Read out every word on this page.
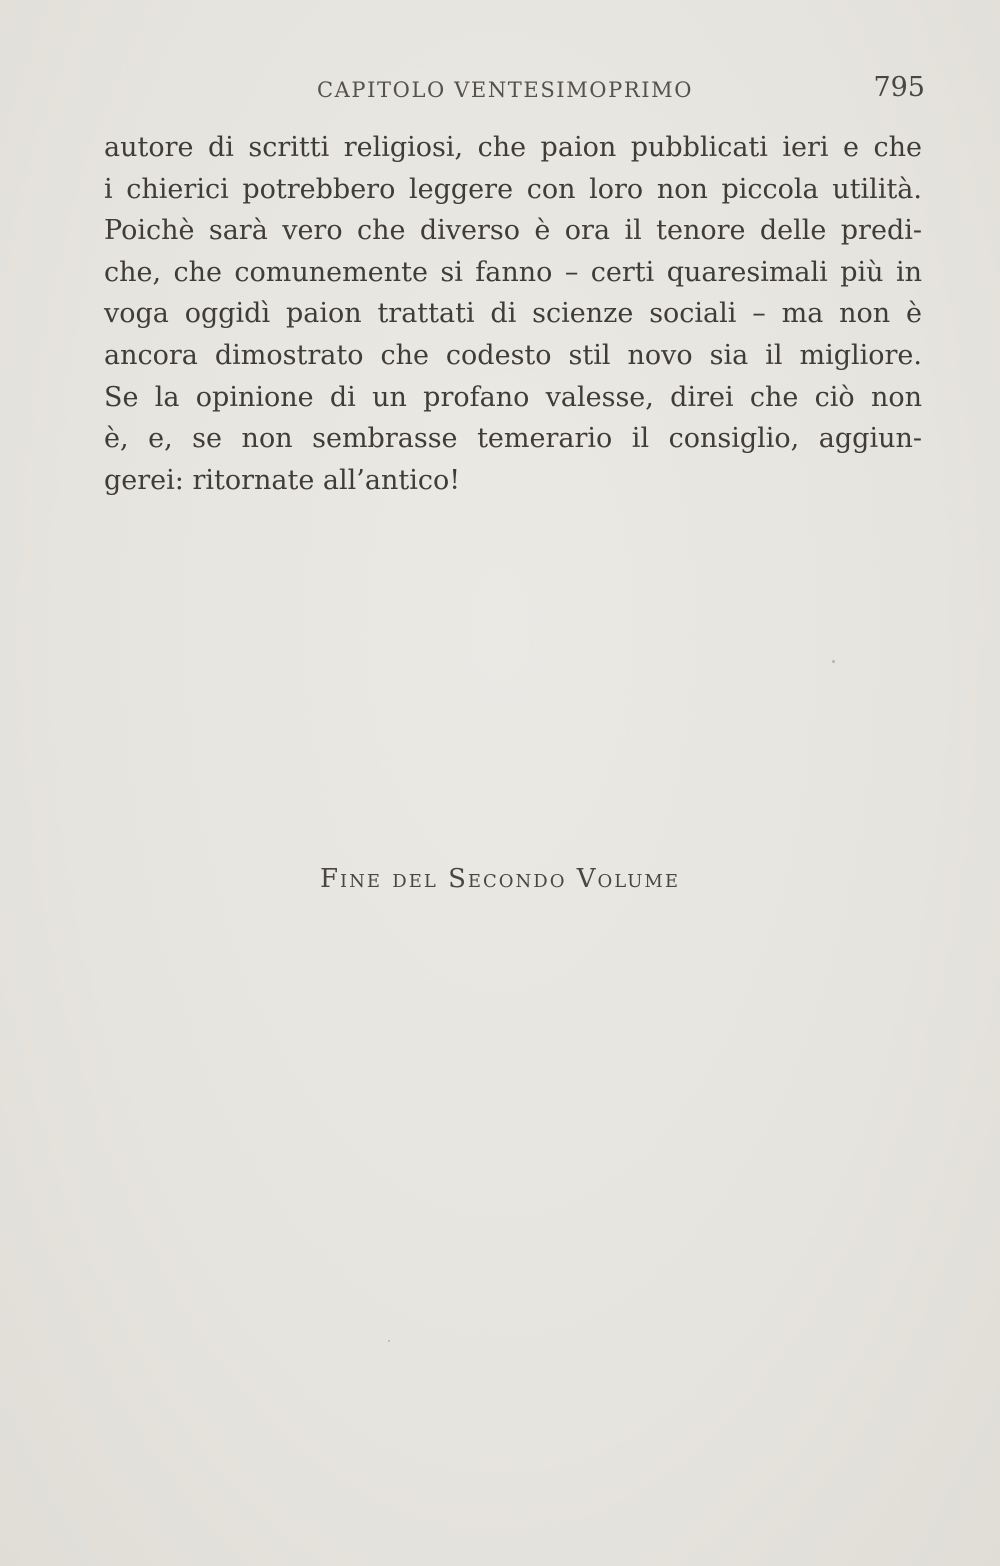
CAPITOLO VENTESIMOPRIMO	795
autore di scritti religiosi, che paion pubblicati ieri e che
i chierici potrebbero leggere con loro non piccola utilità.
Poichè sarà vero che diverso è ora il tenore delle predi-
che, che comunemente si fanno – certi quaresimali più in
voga oggidì paion trattati di scienze sociali – ma non è
ancora dimostrato che codesto stil novo sia il migliore.
Se la opinione di un profano valesse, direi che ciò non
è, e, se non sembrasse temerario il consiglio, aggiun-
gerei: ritornate all’antico!
Fine del Secondo Volume
